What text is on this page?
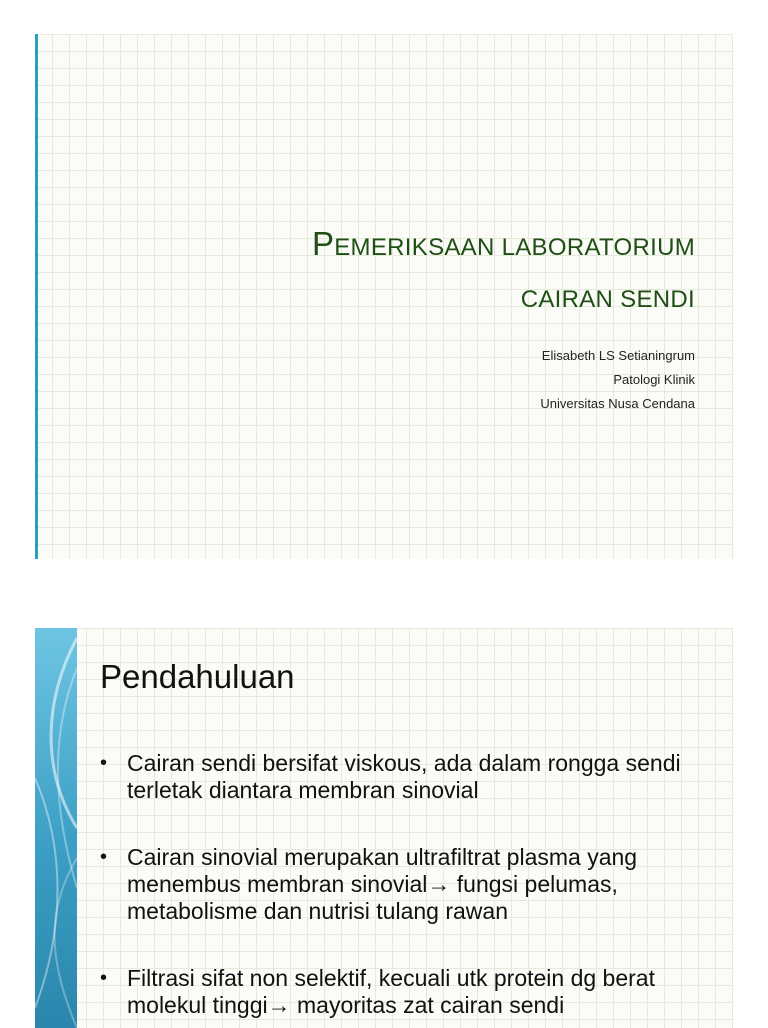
PEMERIKSAAN LABORATORIUM
CAIRAN SENDI
Elisabeth LS Setianingrum
Patologi Klinik
Universitas Nusa Cendana
Pendahuluan
• Cairan sendi bersifat viskous, ada dalam rongga sendi terletak diantara membran sinovial
• Cairan sinovial merupakan ultrafiltrat plasma yang menembus membran sinovial→ fungsi pelumas, metabolisme dan nutrisi tulang rawan
• Filtrasi sifat non selektif, kecuali utk protein dg berat molekul tinggi→ mayoritas zat cairan sendi
